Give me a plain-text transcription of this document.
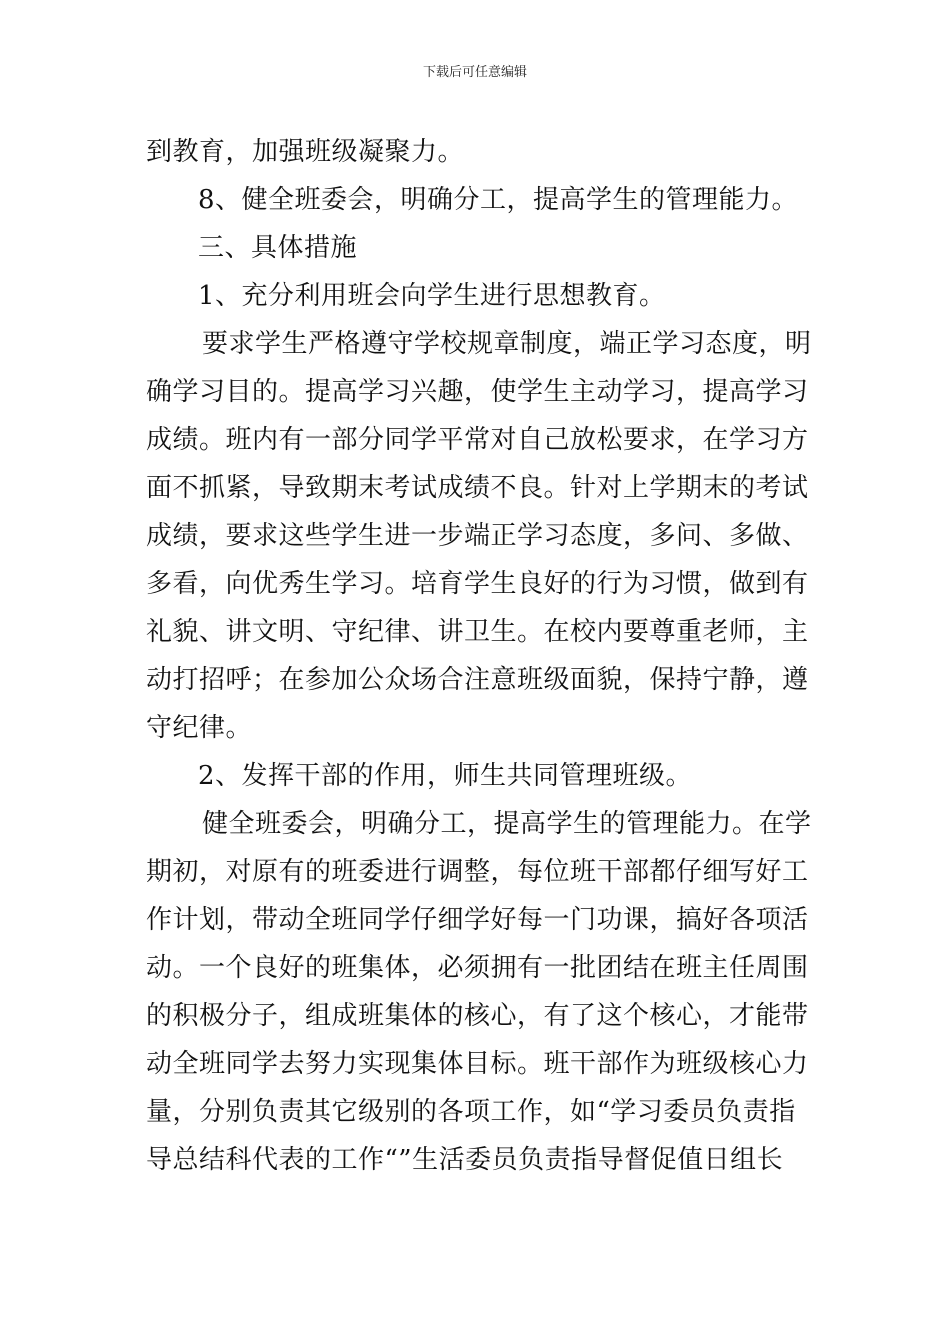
下载后可任意编辑
到教育，加强班级凝聚力。
8、健全班委会，明确分工，提高学生的管理能力。
三、具体措施
1、充分利用班会向学生进行思想教育。
要求学生严格遵守学校规章制度，端正学习态度，明
确学习目的。提高学习兴趣，使学生主动学习，提高学习
成绩。班内有一部分同学平常对自己放松要求，在学习方
面不抓紧，导致期末考试成绩不良。针对上学期末的考试
成绩，要求这些学生进一步端正学习态度，多问、多做、
多看，向优秀生学习。培育学生良好的行为习惯，做到有
礼貌、讲文明、守纪律、讲卫生。在校内要尊重老师，主
动打招呼；在参加公众场合注意班级面貌，保持宁静，遵
守纪律。
2、发挥干部的作用，师生共同管理班级。
健全班委会，明确分工，提高学生的管理能力。在学
期初，对原有的班委进行调整，每位班干部都仔细写好工
作计划，带动全班同学仔细学好每一门功课，搞好各项活
动。一个良好的班集体，必须拥有一批团结在班主任周围
的积极分子，组成班集体的核心，有了这个核心，才能带
动全班同学去努力实现集体目标。班干部作为班级核心力
量，分别负责其它级别的各项工作，如“学习委员负责指
导总结科代表的工作“”生活委员负责指导督促值日组长
